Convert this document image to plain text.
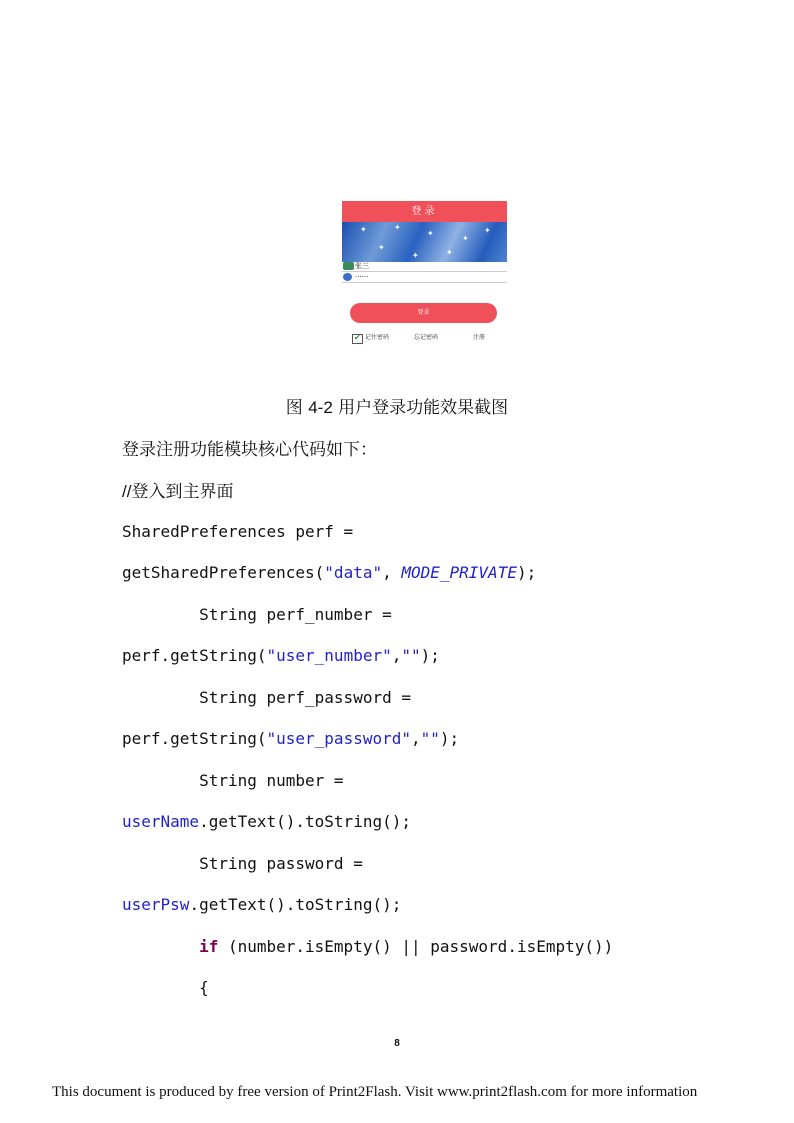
登录
✦	✦
✦
✦
✦
✦
✦
✦
张三
······
登录
✔ 记住密码	忘记密码	注册
图 4-2 用户登录功能效果截图
登录注册功能模块核心代码如下：
//登入到主界面
SharedPreferences perf =
getSharedPreferences("data", MODE_PRIVATE);
String perf_number =
perf.getString("user_number","");
String perf_password =
perf.getString("user_password","");
String number =
userName.getText().toString();
String password =
userPsw.getText().toString();
if (number.isEmpty() || password.isEmpty())
{
8
This document is produced by free version of Print2Flash. Visit www.print2flash.com for more information
